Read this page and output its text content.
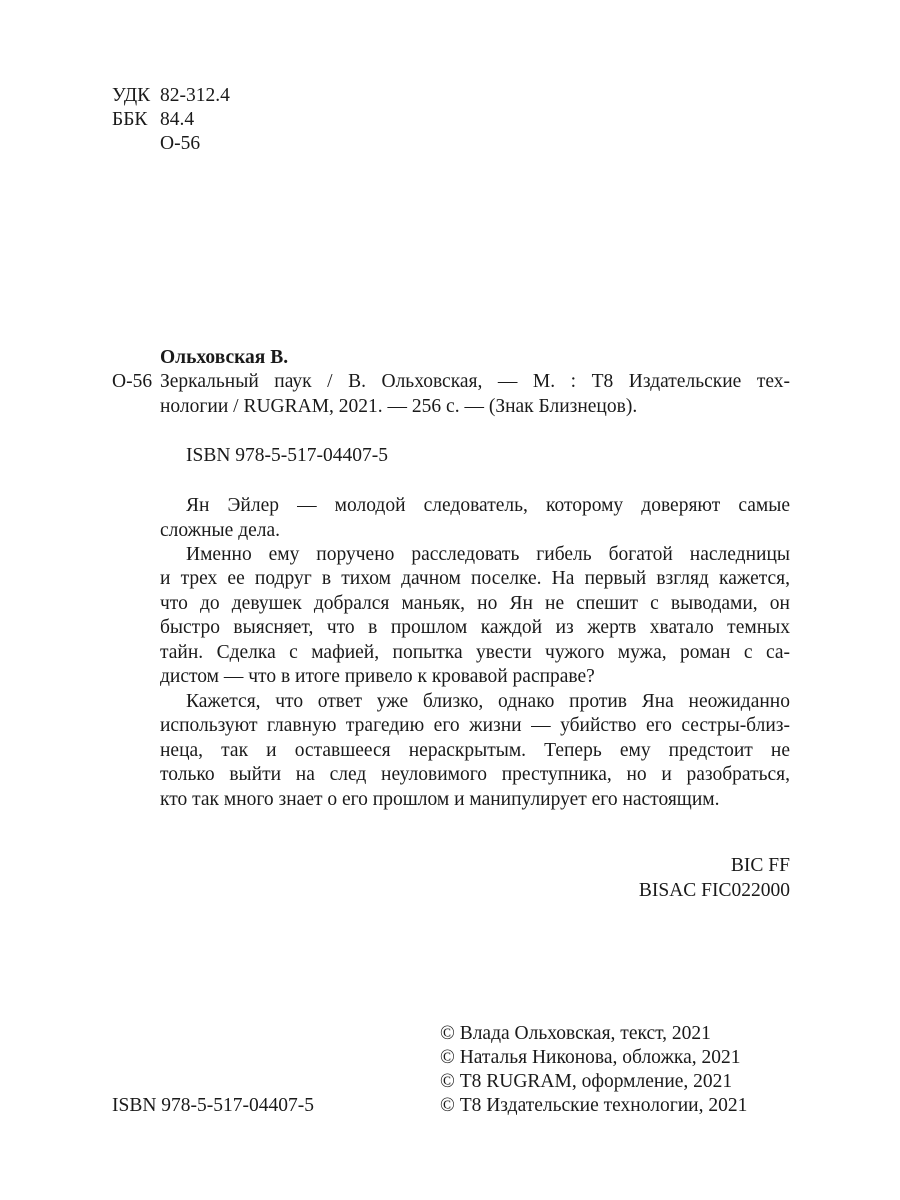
УДК 82-312.4
ББК 84.4
О-56
Ольховская В.
О-56 Зеркальный паук / В. Ольховская, — М. : Т8 Издательские тех-
нологии / RUGRAM, 2021. — 256 с. — (Знак Близнецов).
ISBN 978-5-517-04407-5
Ян Эйлер — молодой следователь, которому доверяют самые
сложные дела.
Именно ему поручено расследовать гибель богатой наследницы
и трех ее подруг в тихом дачном поселке. На первый взгляд кажется,
что до девушек добрался маньяк, но Ян не спешит с выводами, он
быстро выясняет, что в прошлом каждой из жертв хватало темных
тайн. Сделка с мафией, попытка увести чужого мужа, роман с са-
дистом — что в итоге привело к кровавой расправе?
Кажется, что ответ уже близко, однако против Яна неожиданно
используют главную трагедию его жизни — убийство его сестры-близ-
неца, так и оставшееся нераскрытым. Теперь ему предстоит не
только выйти на след неуловимого преступника, но и разобраться,
кто так много знает о его прошлом и манипулирует его настоящим.
BIC FF
BISAC FIC022000
© Влада Ольховская, текст, 2021
© Наталья Никонова, обложка, 2021
© Т8 RUGRAM, оформление, 2021
© Т8 Издательские технологии, 2021
ISBN 978-5-517-04407-5
